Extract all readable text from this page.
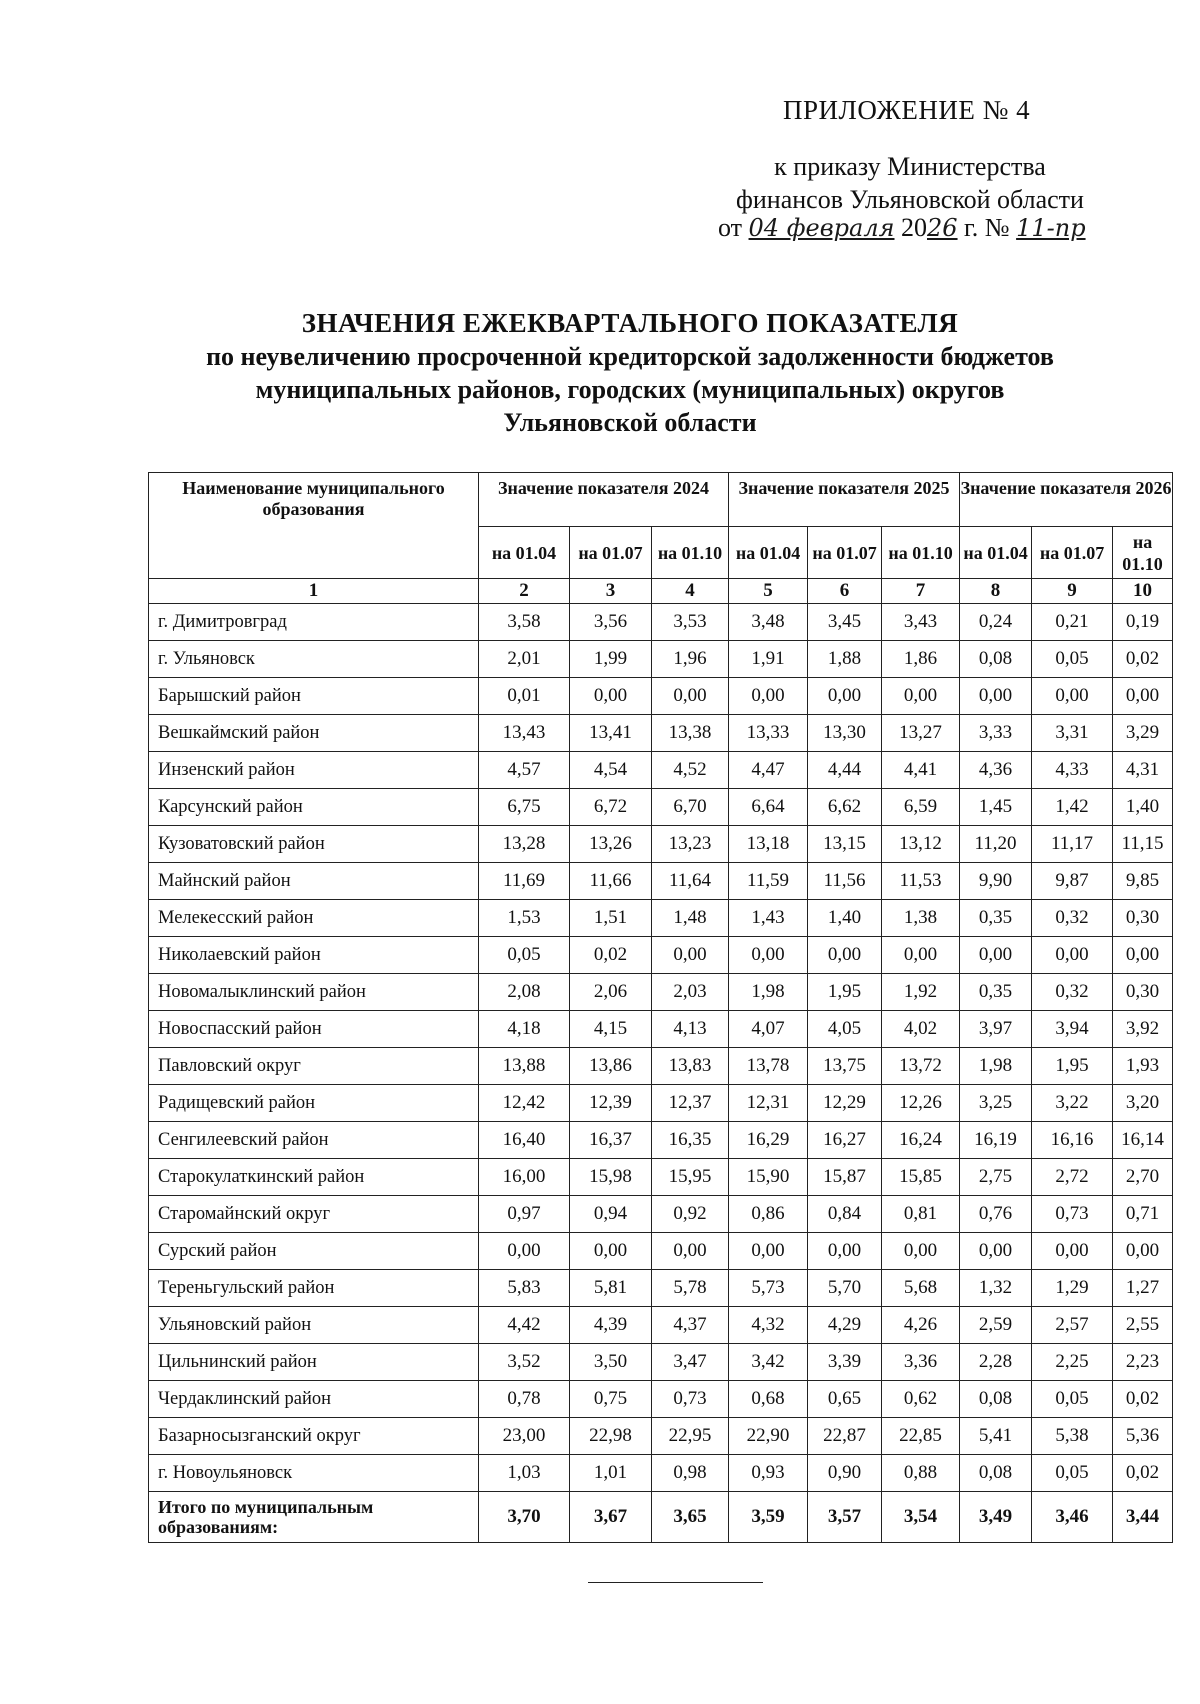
ПРИЛОЖЕНИЕ № 4
к приказу Министерства
финансов Ульяновской области
от 04 февраля 2026 г. № 11-пр
ЗНАЧЕНИЯ ЕЖЕКВАРТАЛЬНОГО ПОКАЗАТЕЛЯ
по неувеличению просроченной кредиторской задолженности бюджетов
муниципальных районов, городских (муниципальных) округов
Ульяновской области
Наименование муниципального образования	Значение показателя 2024			Значение показателя 2025			Значение показателя 2026		
	на 01.04	на 01.07	на 01.10	на 01.04	на 01.07	на 01.10	на 01.04	на 01.07	на 01.10
1	2	3	4	5	6	7	8	9	10
г. Димитровград	3,58	3,56	3,53	3,48	3,45	3,43	0,24	0,21	0,19
г. Ульяновск	2,01	1,99	1,96	1,91	1,88	1,86	0,08	0,05	0,02
Барышский район	0,01	0,00	0,00	0,00	0,00	0,00	0,00	0,00	0,00
Вешкаймский район	13,43	13,41	13,38	13,33	13,30	13,27	3,33	3,31	3,29
Инзенский район	4,57	4,54	4,52	4,47	4,44	4,41	4,36	4,33	4,31
Карсунский район	6,75	6,72	6,70	6,64	6,62	6,59	1,45	1,42	1,40
Кузоватовский район	13,28	13,26	13,23	13,18	13,15	13,12	11,20	11,17	11,15
Майнский район	11,69	11,66	11,64	11,59	11,56	11,53	9,90	9,87	9,85
Мелекесский район	1,53	1,51	1,48	1,43	1,40	1,38	0,35	0,32	0,30
Николаевский район	0,05	0,02	0,00	0,00	0,00	0,00	0,00	0,00	0,00
Новомалыклинский район	2,08	2,06	2,03	1,98	1,95	1,92	0,35	0,32	0,30
Новоспасский район	4,18	4,15	4,13	4,07	4,05	4,02	3,97	3,94	3,92
Павловский округ	13,88	13,86	13,83	13,78	13,75	13,72	1,98	1,95	1,93
Радищевский район	12,42	12,39	12,37	12,31	12,29	12,26	3,25	3,22	3,20
Сенгилеевский район	16,40	16,37	16,35	16,29	16,27	16,24	16,19	16,16	16,14
Старокулаткинский район	16,00	15,98	15,95	15,90	15,87	15,85	2,75	2,72	2,70
Старомайнский округ	0,97	0,94	0,92	0,86	0,84	0,81	0,76	0,73	0,71
Сурский район	0,00	0,00	0,00	0,00	0,00	0,00	0,00	0,00	0,00
Тереньгульский район	5,83	5,81	5,78	5,73	5,70	5,68	1,32	1,29	1,27
Ульяновский район	4,42	4,39	4,37	4,32	4,29	4,26	2,59	2,57	2,55
Цильнинский район	3,52	3,50	3,47	3,42	3,39	3,36	2,28	2,25	2,23
Чердаклинский район	0,78	0,75	0,73	0,68	0,65	0,62	0,08	0,05	0,02
Базарносызганский округ	23,00	22,98	22,95	22,90	22,87	22,85	5,41	5,38	5,36
г. Новоульяновск	1,03	1,01	0,98	0,93	0,90	0,88	0,08	0,05	0,02
Итого по муниципальным образованиям:	3,70	3,67	3,65	3,59	3,57	3,54	3,49	3,46	3,44
